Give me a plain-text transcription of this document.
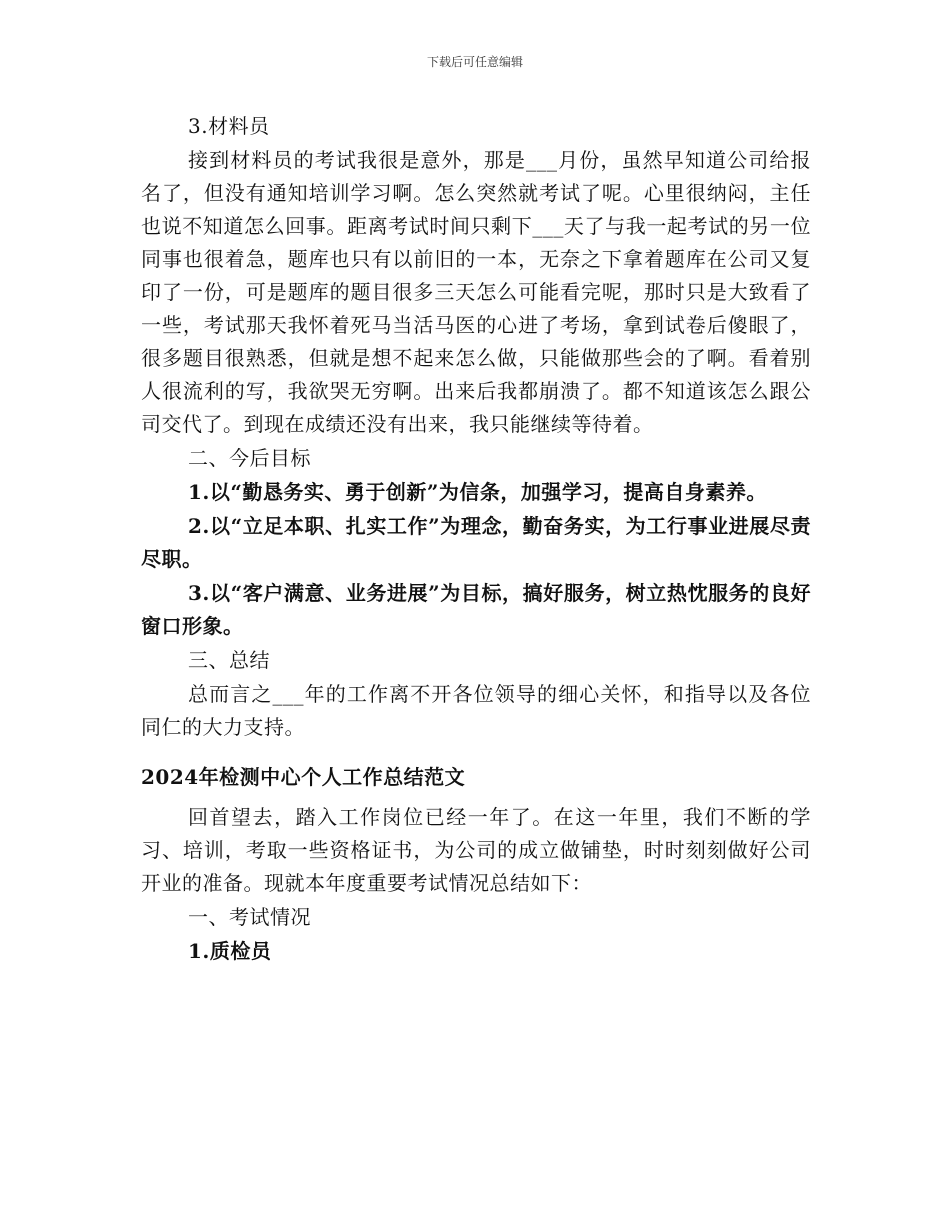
下载后可任意编辑

3.材料员

接到材料员的考试我很是意外，那是___月份，虽然早知道公司给报名了，但没有通知培训学习啊。怎么突然就考试了呢。心里很纳闷，主任也说不知道怎么回事。距离考试时间只剩下___天了与我一起考试的另一位同事也很着急，题库也只有以前旧的一本，无奈之下拿着题库在公司又复印了一份，可是题库的题目很多三天怎么可能看完呢，那时只是大致看了一些，考试那天我怀着死马当活马医的心进了考场，拿到试卷后傻眼了，很多题目很熟悉，但就是想不起来怎么做，只能做那些会的了啊。看着别人很流利的写，我欲哭无穷啊。出来后我都崩溃了。都不知道该怎么跟公司交代了。到现在成绩还没有出来，我只能继续等待着。

二、今后目标

1.以“勤恳务实、勇于创新”为信条，加强学习，提高自身素养。

2.以“立足本职、扎实工作”为理念，勤奋务实，为工行事业进展尽责尽职。

3.以“客户满意、业务进展”为目标，搞好服务，树立热忱服务的良好窗口形象。

三、总结

总而言之___年的工作离不开各位领导的细心关怀，和指导以及各位同仁的大力支持。

2024年检测中心个人工作总结范文

回首望去，踏入工作岗位已经一年了。在这一年里，我们不断的学习、培训，考取一些资格证书，为公司的成立做铺垫，时时刻刻做好公司开业的准备。现就本年度重要考试情况总结如下：

一、考试情况

1.质检员
